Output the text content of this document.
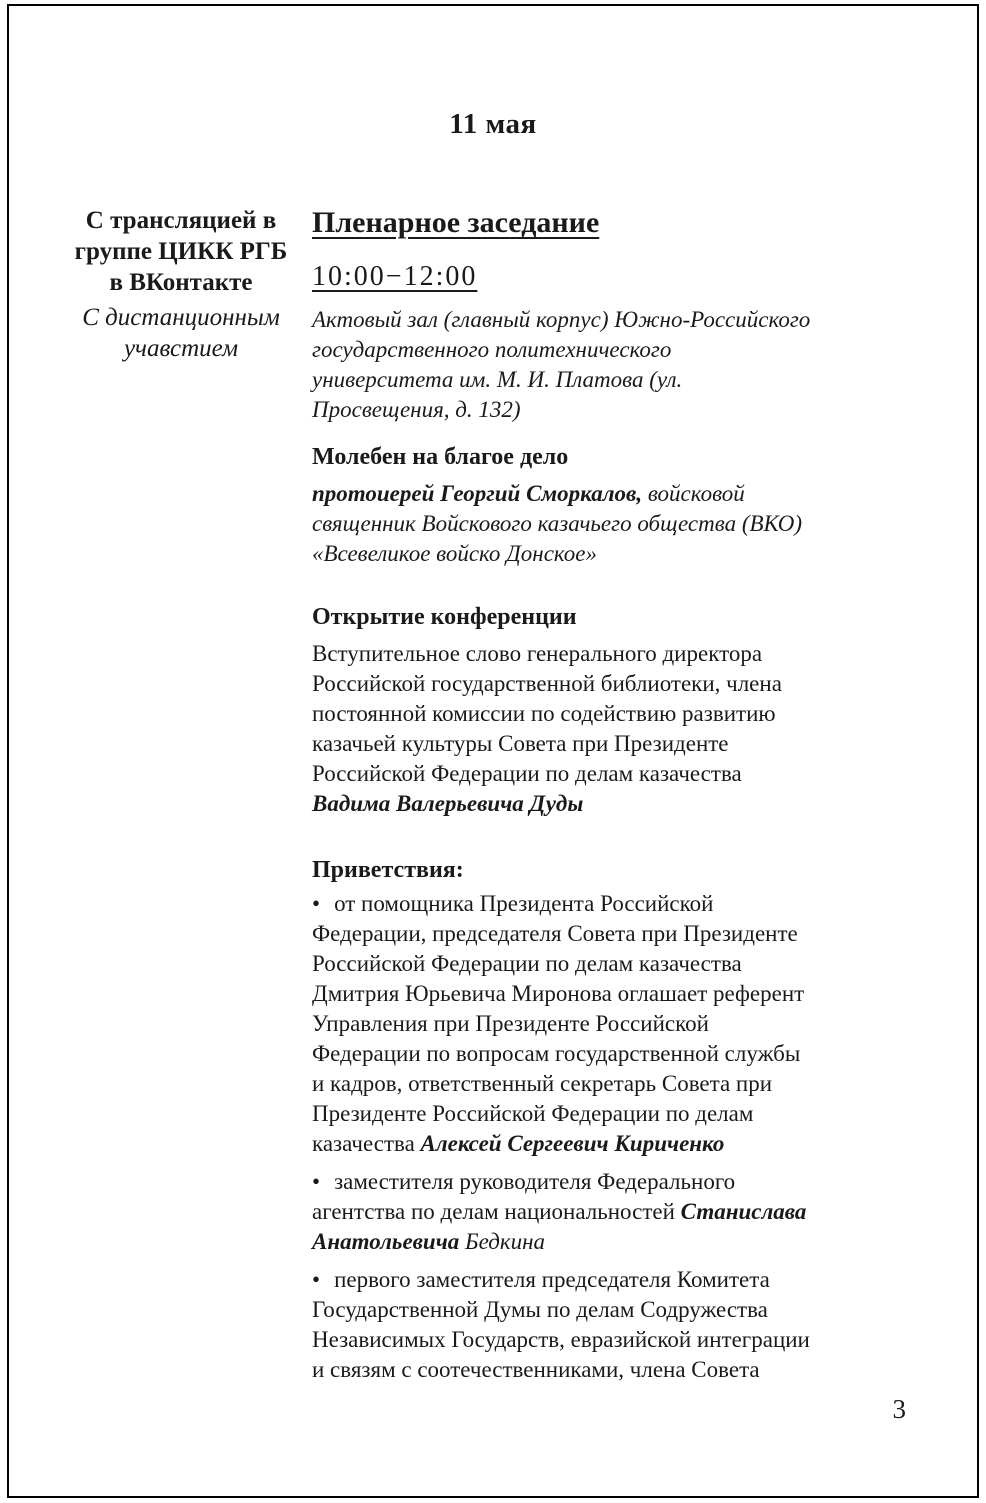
11 мая
С трансляцией в
группе ЦИКК РГБ
в ВКонтакте
С дистанционным
учавстием
Пленарное заседание
10:00−12:00

Актовый зал (главный корпус) Южно-Российского государственного политехнического университета им. М. И. Платова (ул. Просвещения, д. 132)

Молебен на благое дело

протоиерей Георгий Сморкалов, войсковой священник Войскового казачьего общества (ВКО) «Всевеликое войско Донское»

Открытие конференции

Вступительное слово генерального директора Российской государственной библиотеки, члена постоянной комиссии по содействию развитию казачьей культуры Совета при Президенте Российской Федерации по делам казачества Вадима Валерьевича Дуды

Приветствия:

• от помощника Президента Российской Федерации, председателя Совета при Президенте Российской Федерации по делам казачества Дмитрия Юрьевича Миронова оглашает референт Управления при Президенте Российской Федерации по вопросам государственной службы и кадров, ответственный секретарь Совета при Президенте Российской Федерации по делам казачества Алексей Сергеевич Кириченко

• заместителя руководителя Федерального агентства по делам национальностей Станислава Анатольевича Бедкина

• первого заместителя председателя Комитета Государственной Думы по делам Содружества Независимых Государств, евразийской интеграции и связям с соотечественниками, члена Совета

3
